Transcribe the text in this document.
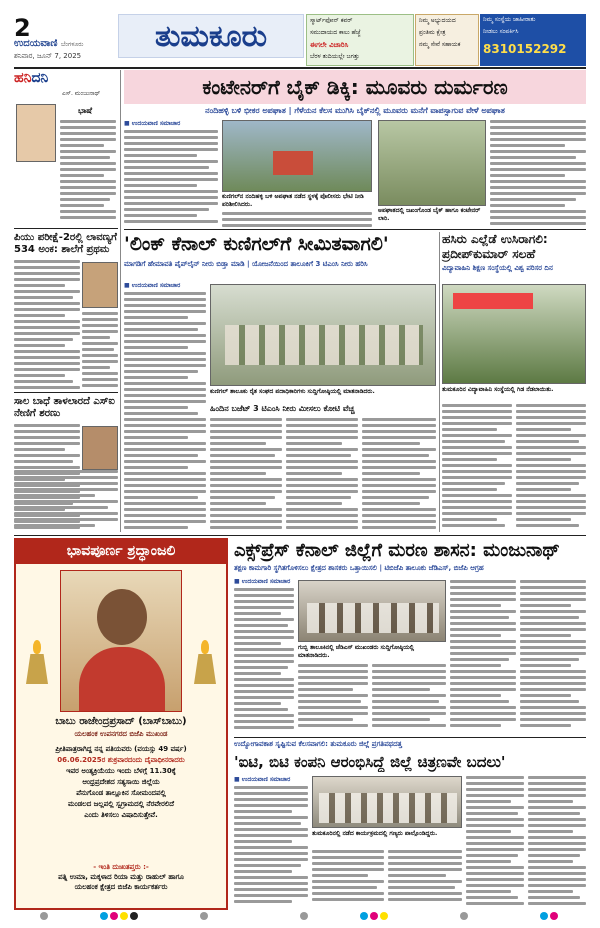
2
ಉದಯವಾಣಿ ಬೆಂಗಳೂರು
ಶನಿವಾರ, ಜೂನ್ 7, 2025
ತುಮಕೂರು	ಸ್ಮಾರ್ಟ್‌ಫೋನ್ ಕವರ್
ಸಮುದಾಯದ ಕಾಲು ಹೆಜ್ಜೆ
ಈಗಲೇ ವಿಚಾರಿಸಿ
ಬೆರಳ ತುದಿಯಲ್ಲೇ ಜಗತ್ತು
ನಿಮ್ಮ ಅಭ್ಯುದಯದ
ಪ್ರಂತಿಮ ಕ್ಷೇತ್ರ
ನಮ್ಮ ಸೇವೆ ಸಹಾಯಕ
ನಿಮ್ಮ ಸಂಸ್ಥೆಯ ಜಾಹೀರಾತು
ನೀಡಲು ಸಂಪರ್ಕಿಸಿ
8310152292
ಹನಿದನಿ
ಎಸ್. ಮಂಜುನಾಥ್
ಭಾಷೆ
ಪಿಯು ಪರೀಕ್ಷೆ-2ರಲ್ಲಿ ಲಾವಣ್ಯಗೆ 534 ಅಂಕ: ಶಾಲೆಗೆ ಪ್ರಥಮ
ಸಾಲ ಬಾಧೆ ತಾಳಲಾರದೆ ಎಸ್ಐ ನೇಣಿಗೆ ಶರಣು
ಕಂಟೇನರ್‌ಗೆ ಬೈಕ್ ಡಿಕ್ಕಿ: ಮೂವರು ದುರ್ಮರಣ
ನಂದಿಹಳ್ಳಿ ಬಳಿ ಭೀಕರ ಅಪಘಾತ | ಗೆಳೆಯನ ಕೆಲಸ ಮುಗಿಸಿ ಬೈಕ್‌ನಲ್ಲಿ ಮೂವರು ಮನೆಗೆ ವಾಪಸ್ಸಾಗುವ ವೇಳೆ ಅಪಘಾತ
■ ಉದಯವಾಣಿ ಸಮಾಚಾರ
ಕುಣಿಗಲ್‌ನ ನಂದಿಹಳ್ಳಿ ಬಳಿ ಅಪಘಾತ ನಡೆದ ಸ್ಥಳಕ್ಕೆ ಪೊಲೀಸರು ಭೇಟಿ ನೀಡಿ ಪರಿಶೀಲಿಸಿದರು.
ಅಪಘಾತದಲ್ಲಿ ಜಖಂಗೊಂಡ ಬೈಕ್ ಹಾಗೂ ಕಂಟೇನರ್ ಲಾರಿ.
'ಲಿಂಕ್ ಕೆನಾಲ್ ಕುಣಿಗಲ್‌ಗೆ ಸೀಮಿತವಾಗಲಿ'
ಮಾಗಡಿಗೆ ಹೇಮಾವತಿ ಪೈಪ್‌ಲೈನ್ ನೀರು ಬಿಡ್ತಾ ಮಾಡಿ | ಯೋಜನೆಯಿಂದ ತಾಲೂಕಿಗೆ 3 ಟಿಎಂಸಿ ನೀರು ಹರಿಸಿ
■ ಉದಯವಾಣಿ ಸಮಾಚಾರ
ಕುಣಿಗಲ್ ತಾಲೂಕು ರೈತ ಸಂಘದ ಪದಾಧಿಕಾರಿಗಳು ಸುದ್ದಿಗೋಷ್ಠಿಯಲ್ಲಿ ಮಾತನಾಡಿದರು.
ಹಿಂದಿನ ಬಜೆಟ್ 3 ಟಿಎಂಸಿ ನೀರು ಮೀಸಲು ಕೋಟಿ ವೆಚ್ಚ
ಹಸಿರು ಎಲ್ಲೆಡೆ ಉಸಿರಾಗಲಿ: ಪ್ರದೀಪ್‌ಕುಮಾರ್ ಸಲಹೆ
ವಿದ್ಯಾವಾಹಿನಿ ಶಿಕ್ಷಣ ಸಂಸ್ಥೆಯಲ್ಲಿ ವಿಶ್ವ ಪರಿಸರ ದಿನ
ತುಮಕೂರಿನ ವಿದ್ಯಾವಾಹಿನಿ ಸಂಸ್ಥೆಯಲ್ಲಿ ಗಿಡ ನೆಡಲಾಯಿತು.
ಭಾವಪೂರ್ಣ ಶ್ರದ್ಧಾಂಜಲಿ
ಬಾಬು ರಾಜೇಂದ್ರಪ್ರಸಾದ್ (ಬಾಸ್‌ಬಾಬು)
ಯಲಹಂಕ ಉಪನಗರದ ಬಿಜೆಪಿ ಮುಖಂಡ
ಪ್ರೀತಿಪಾತ್ರರಾಗಿದ್ದ ನನ್ನ ಪತಿಯವರು (ವಯಸ್ಸು 49 ವರ್ಷ)
06.06.2025ರ ಶುಕ್ರವಾರದಂದು ದೈವಾಧೀನರಾದರು
ಇವರ ಅಂತ್ಯಕ್ರಿಯೆಯು ಇಂದು ಬೆಳಗ್ಗೆ 11.30ಕ್ಕೆ
ಆಂಧ್ರಪ್ರದೇಶದ ಸತ್ಯಸಾಯಿ ಜಿಲ್ಲೆಯ
ಪೆನುಗೊಂಡ ತಾಲ್ಲೂಕಿನ ಸೋಮಂದಪಲ್ಲಿ
ಮಂಡಲದ ಜಲ್ಲಪಲ್ಲಿ ಸ್ವಗ್ರಾಮದಲ್ಲಿ ನೆರವೇರಲಿದೆ
ಎಂದು ತಿಳಿಸಲು ವಿಷಾದಿಸುತ್ತೇವೆ.
- ಇಂತಿ ದುಃಖತಪ್ತರು :-
ಪತ್ನಿ ಉಮಾ, ಮಕ್ಕಳಾದ ರಿಯಾ ಮತ್ತು ರಾಹುಲ್ ಹಾಗೂ
ಯಲಹಂಕ ಕ್ಷೇತ್ರದ ಬಿಜೆಪಿ ಕಾರ್ಯಕರ್ತರು
ಎಕ್ಸ್‌ಪ್ರೆಸ್ ಕೆನಾಲ್ ಜಿಲ್ಲೆಗೆ ಮರಣ ಶಾಸನ: ಮಂಜುನಾಥ್
ತಕ್ಷಣ ಕಾಮಗಾರಿ ಸ್ಥಗಿತಗೊಳಿಸಲು ಕ್ಷೇತ್ರದ ಶಾಸಕರು ಒತ್ತಾಯಿಸಲಿ | ಟಿಬಿಜೆಪಿ ತಾಲೂಕು ಜೆಡಿಎಸ್, ಬಿಜೆಪಿ ಆಗ್ರಹ
■ ಉದಯವಾಣಿ ಸಮಾಚಾರ
ಗುಬ್ಬಿ ತಾಲೂಕಿನಲ್ಲಿ ಜೆಡಿಎಸ್ ಮುಖಂಡರು ಸುದ್ದಿಗೋಷ್ಠಿಯಲ್ಲಿ ಮಾತನಾಡಿದರು.
ಉದ್ಯೋಗಾವಕಾಶ ಸೃಷ್ಟಿಸುವ ಕೆಲಸವಾಗಲಿ: ತುಮಕೂರು ಜಿಲ್ಲೆ ಪ್ರಗತಿಪಥದತ್ತ
'ಐಟಿ, ಬಿಟಿ ಕಂಪನಿ ಆರಂಭಿಸಿದ್ದೆ ಜಿಲ್ಲೆ ಚಿತ್ರಣವೇ ಬದಲು'
■ ಉದಯವಾಣಿ ಸಮಾಚಾರ
ತುಮಕೂರಿನಲ್ಲಿ ನಡೆದ ಕಾರ್ಯಕ್ರಮದಲ್ಲಿ ಗಣ್ಯರು ಪಾಲ್ಗೊಂಡಿದ್ದರು.
